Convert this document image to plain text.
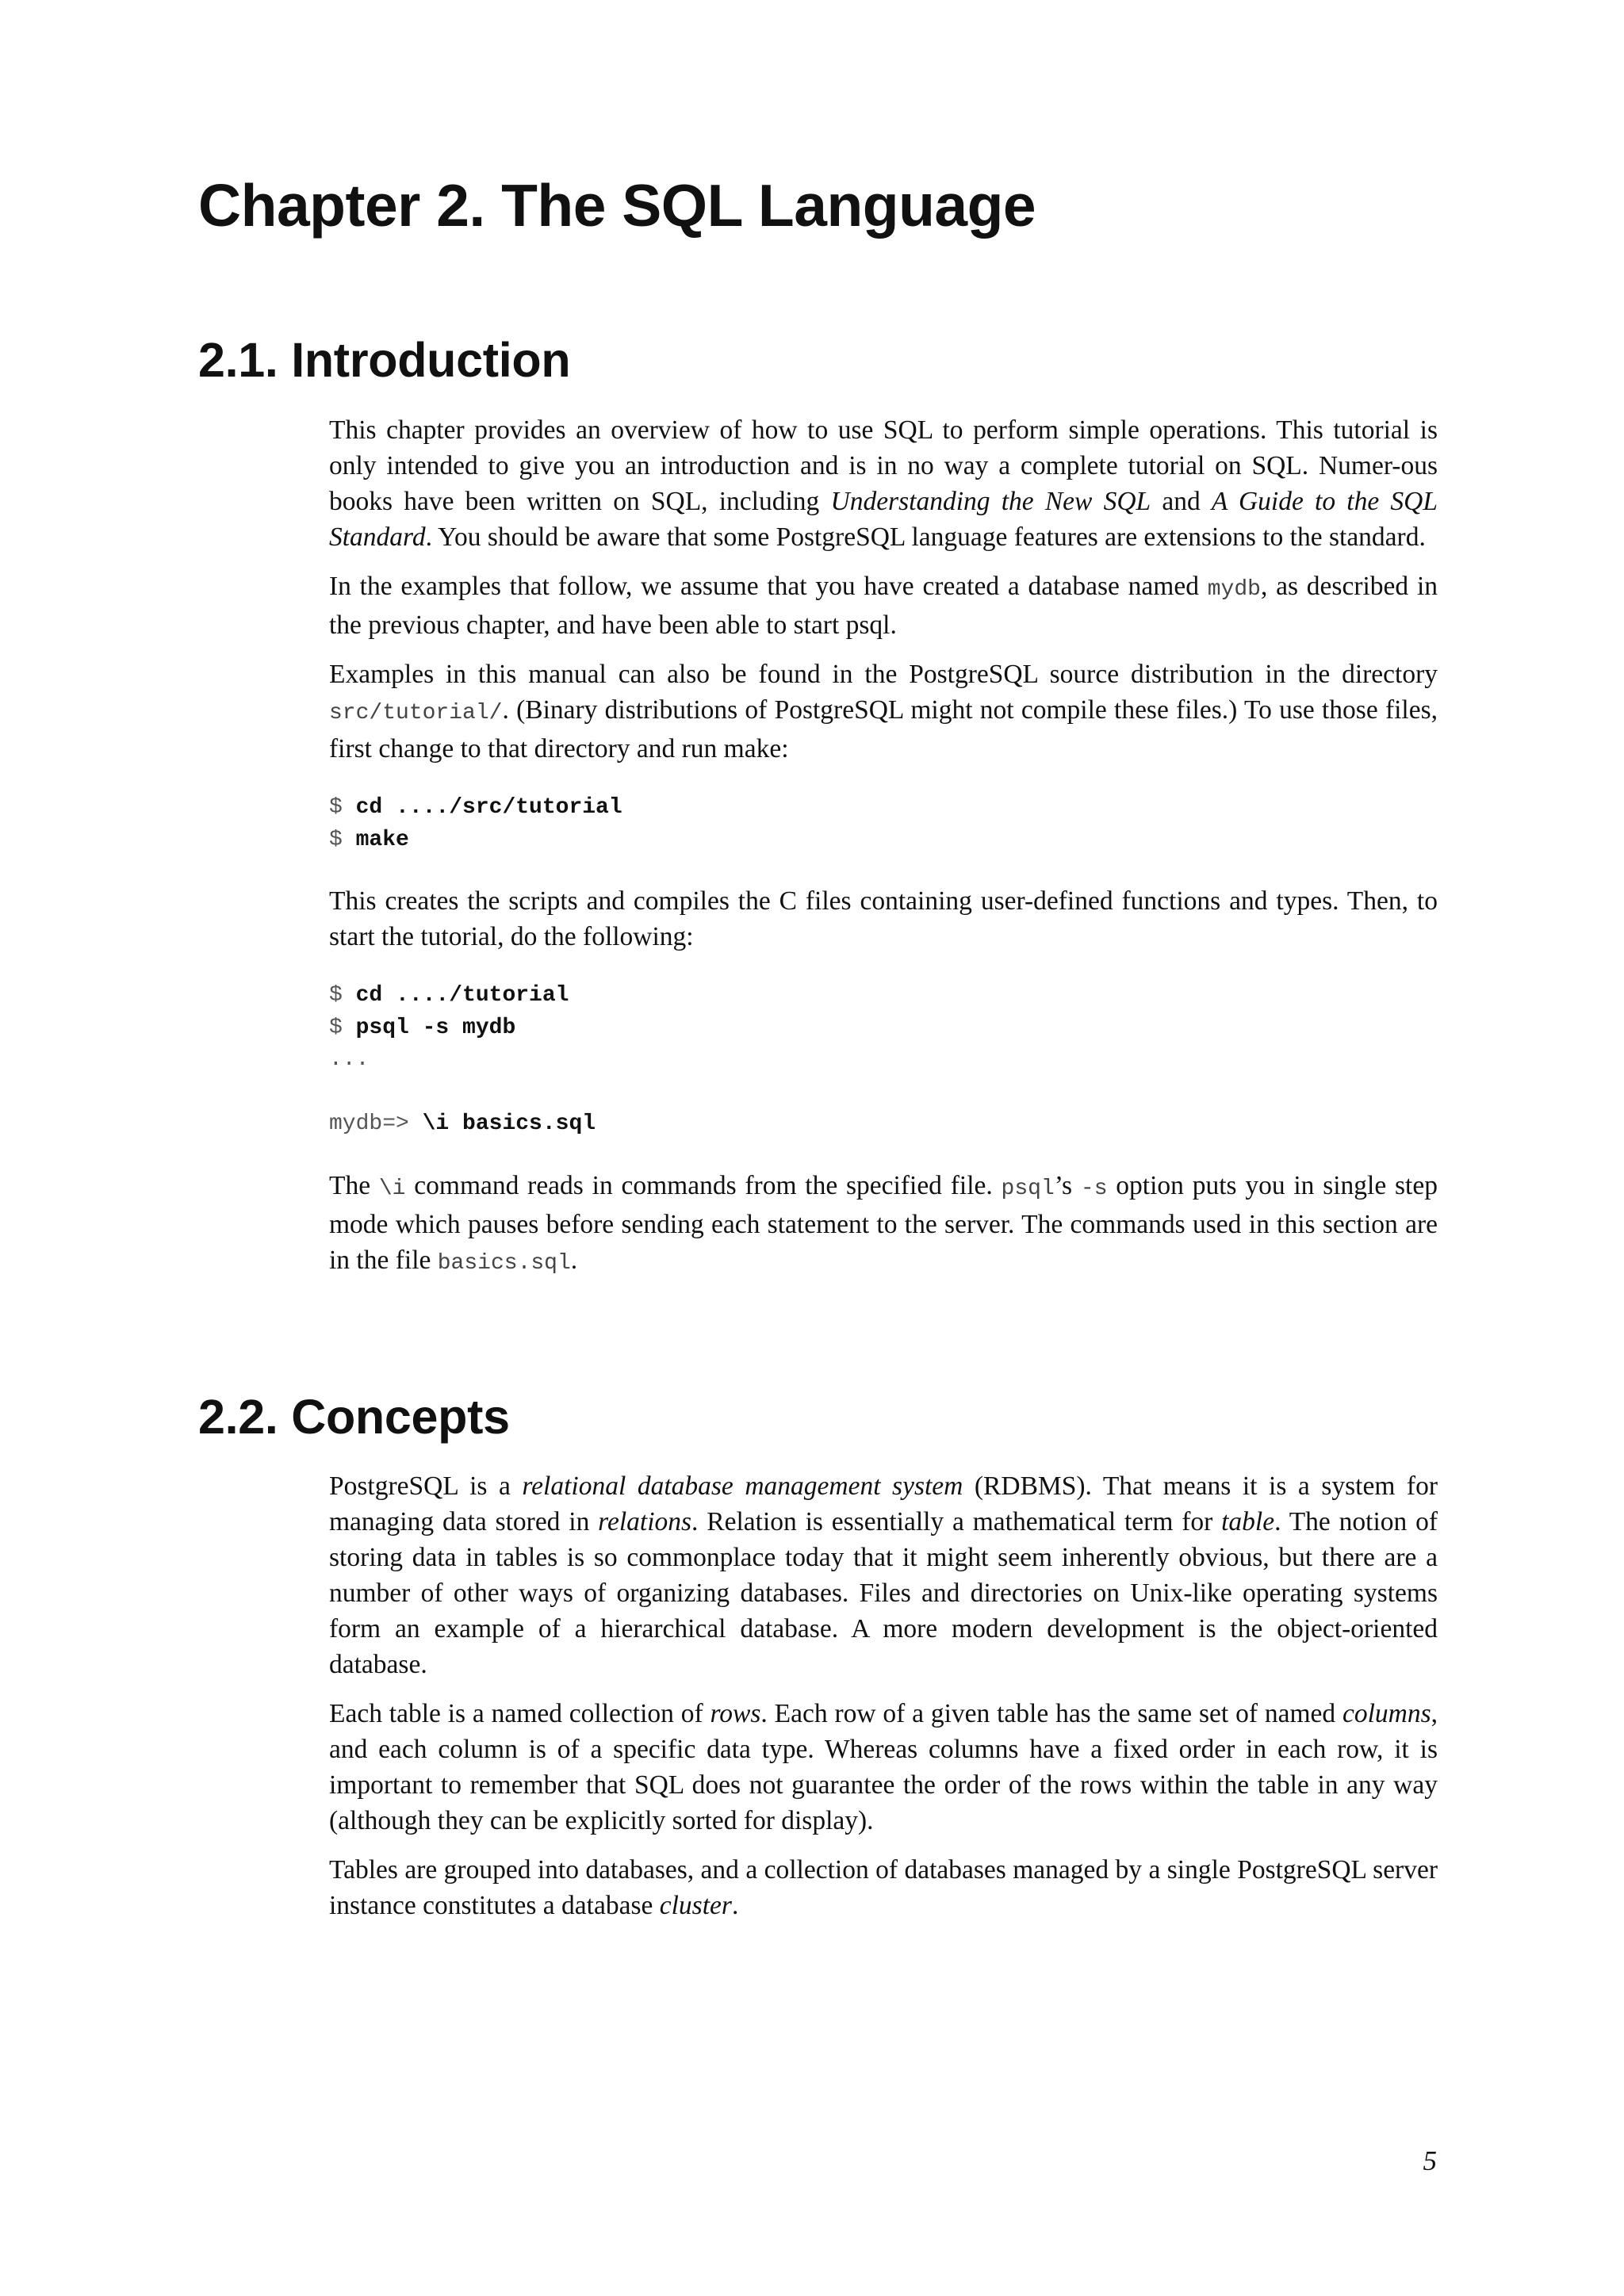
Chapter 2. The SQL Language
2.1. Introduction

This chapter provides an overview of how to use SQL to perform simple operations. This tutorial is only intended to give you an introduction and is in no way a complete tutorial on SQL. Numer-ous books have been written on SQL, including Understanding the New SQL and A Guide to the SQL Standard. You should be aware that some PostgreSQL language features are extensions to the standard.

In the examples that follow, we assume that you have created a database named mydb, as described in the previous chapter, and have been able to start psql.

Examples in this manual can also be found in the PostgreSQL source distribution in the directory src/tutorial/. (Binary distributions of PostgreSQL might not compile these files.) To use those files, first change to that directory and run make:

$ cd ..../src/tutorial
$ make

This creates the scripts and compiles the C files containing user-defined functions and types. Then, to start the tutorial, do the following:

$ cd ..../tutorial
$ psql -s mydb
...
mydb=> \i basics.sql

The \i command reads in commands from the specified file. psql’s -s option puts you in single step mode which pauses before sending each statement to the server. The commands used in this section are in the file basics.sql.

2.2. Concepts

PostgreSQL is a relational database management system (RDBMS). That means it is a system for managing data stored in relations. Relation is essentially a mathematical term for table. The notion of storing data in tables is so commonplace today that it might seem inherently obvious, but there are a number of other ways of organizing databases. Files and directories on Unix-like operating systems form an example of a hierarchical database. A more modern development is the object-oriented database.

Each table is a named collection of rows. Each row of a given table has the same set of named columns, and each column is of a specific data type. Whereas columns have a fixed order in each row, it is important to remember that SQL does not guarantee the order of the rows within the table in any way (although they can be explicitly sorted for display).

Tables are grouped into databases, and a collection of databases managed by a single PostgreSQL server instance constitutes a database cluster.

5
